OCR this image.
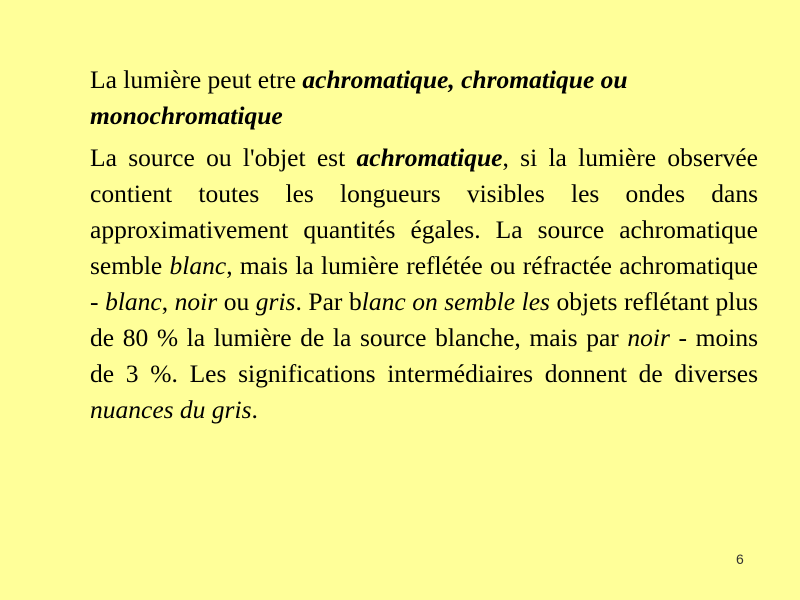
La lumière peut etre achromatique, chromatique ou monochromatique

La source ou l'objet est achromatique, si la lumière observée contient toutes les longueurs visibles les ondes dans approximativement quantités égales. La source achromatique semble blanc, mais la lumière reflétée ou réfractée achromatique - blanc, noir ou gris. Par blanc on semble les objets reflétant plus de 80 % la lumière de la source blanche, mais par noir - moins de 3 %. Les significations intermédiaires donnent de diverses nuances du gris.

6
